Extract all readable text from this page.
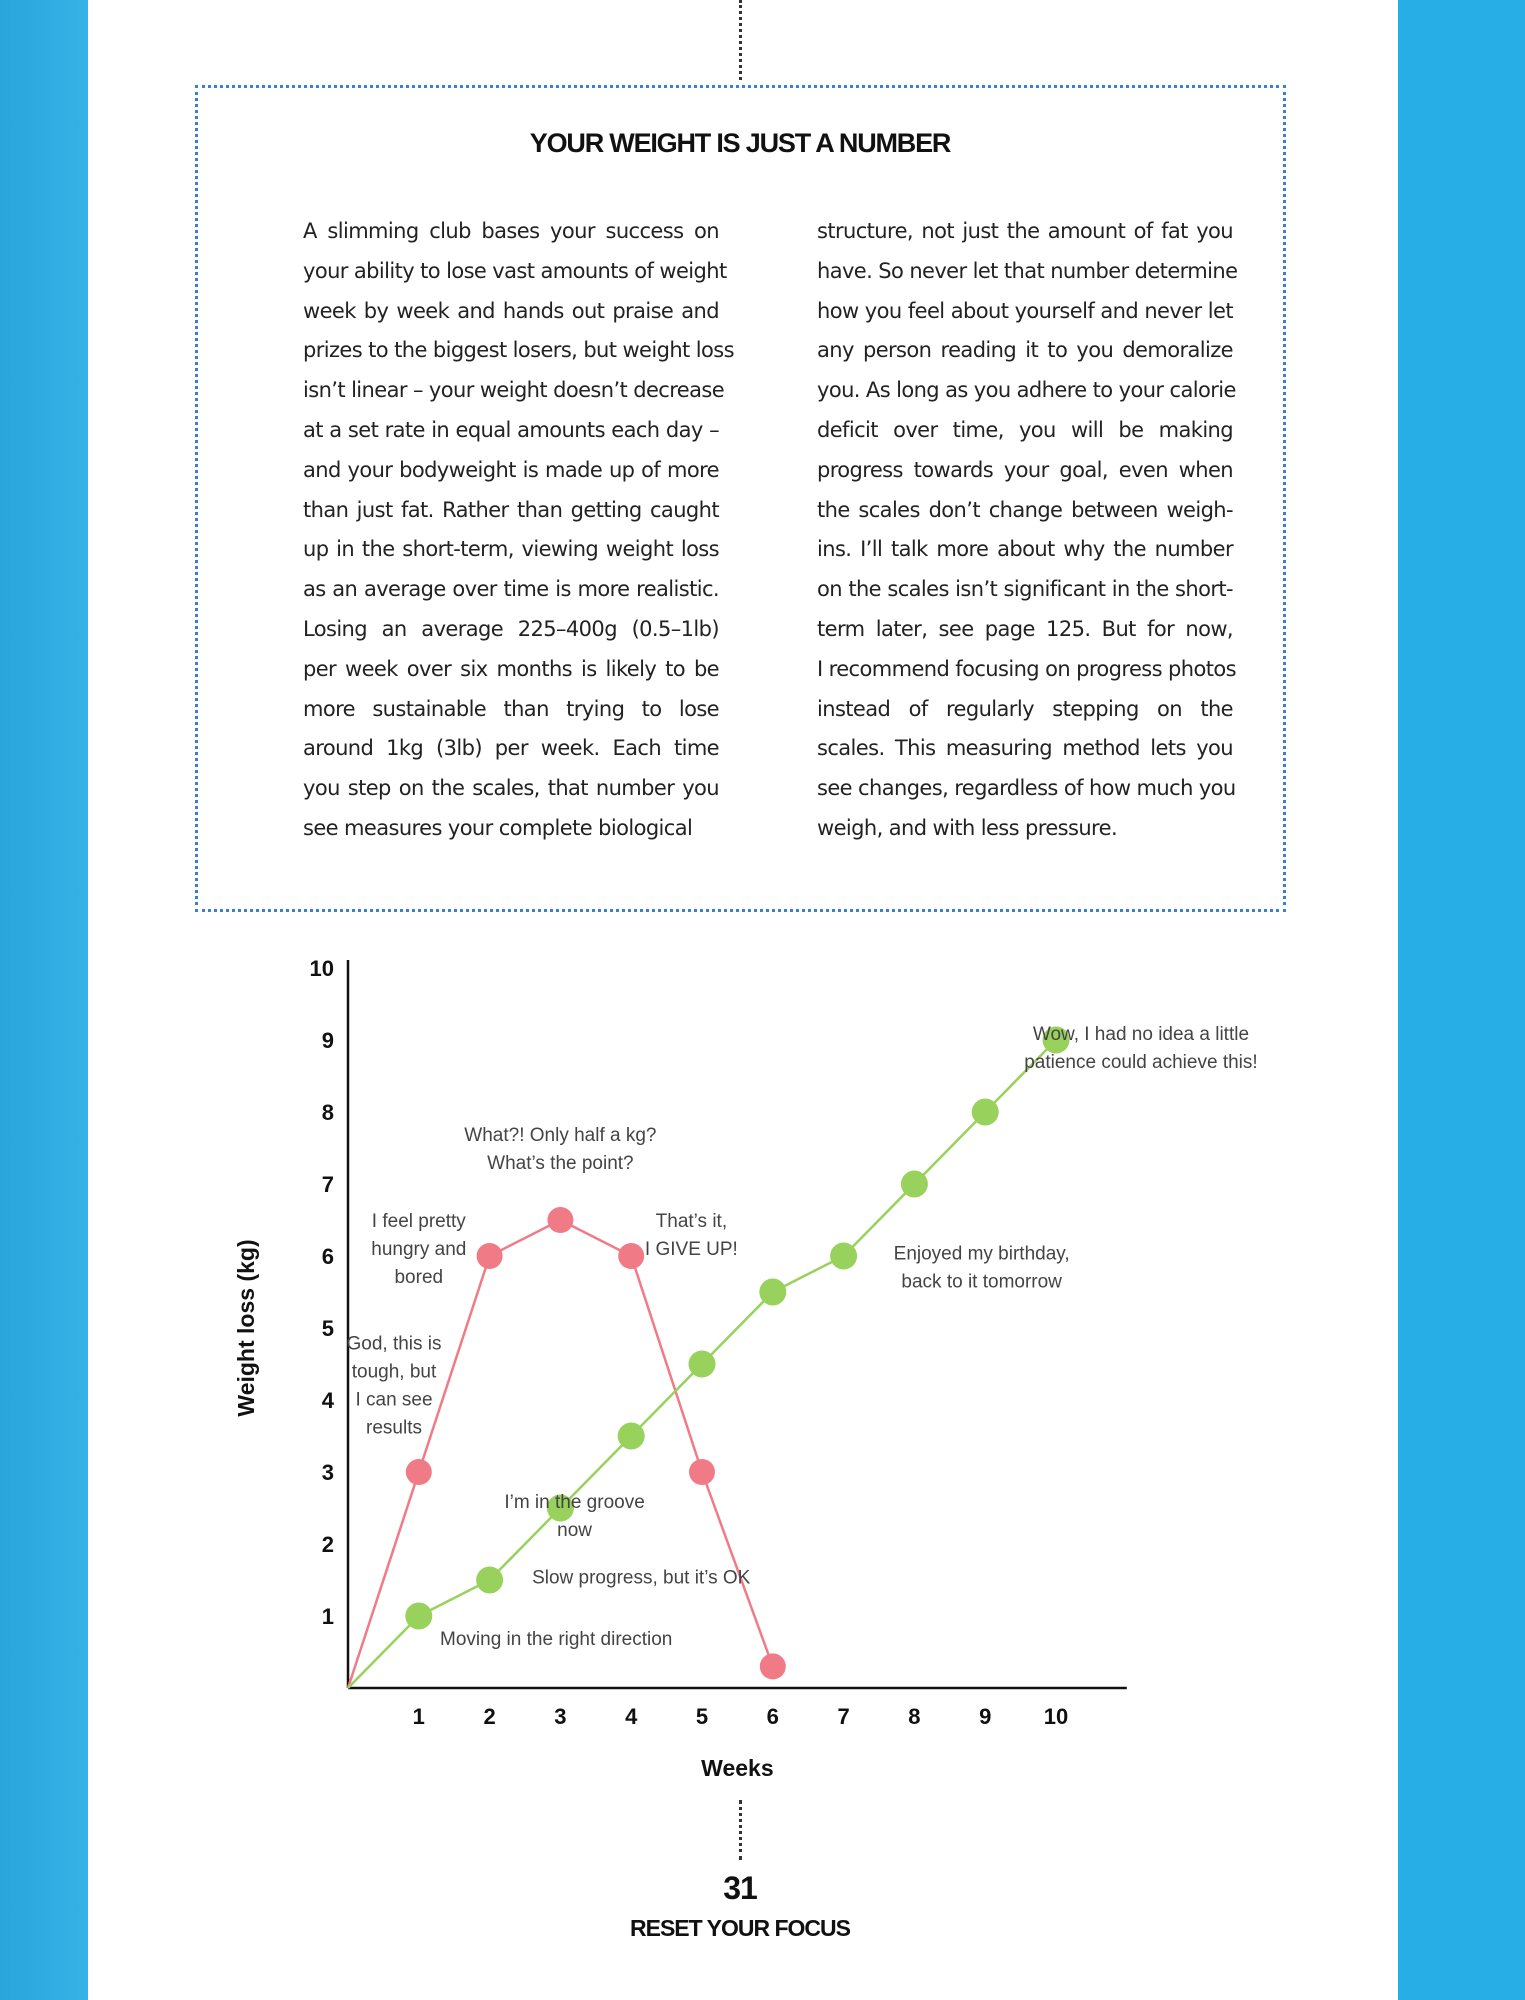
YOUR WEIGHT IS JUST A NUMBER
A slimming club bases your success on
your ability to lose vast amounts of weight
week by week and hands out praise and
prizes to the biggest losers, but weight loss
isn’t linear – your weight doesn’t decrease
at a set rate in equal amounts each day –
and your bodyweight is made up of more
than just fat. Rather than getting caught
up in the short-term, viewing weight loss
as an average over time is more realistic.
Losing an average 225–400g (0.5–1lb)
per week over six months is likely to be
more sustainable than trying to lose
around 1kg (3lb) per week. Each time
you step on the scales, that number you
see measures your complete biological
structure, not just the amount of fat you
have. So never let that number determine
how you feel about yourself and never let
any person reading it to you demoralize
you. As long as you adhere to your calorie
deficit over time, you will be making
progress towards your goal, even when
the scales don’t change between weigh-
ins. I’ll talk more about why the number
on the scales isn’t significant in the short-
term later, see page 125. But for now,
I recommend focusing on progress photos
instead of regularly stepping on the
scales. This measuring method lets you
see changes, regardless of how much you
weigh, and with less pressure.
1	2	3	4	5	6	7	8	9 10
1
2
3
4
5
6
7
8
9
10
Weeks
Weight loss (kg)	God, this is
tough, but
I can see
results
I feel pretty
hungry and
bored
What?! Only half a kg?
What’s the point?
That’s it,
I GIVE UP!
Moving in the right direction
Slow progress, but it’s OK
I’m in the groove
now
Enjoyed my birthday,
back to it tomorrow
Wow, I had no idea a little
patience could achieve this!
31
RESET YOUR FOCUS
